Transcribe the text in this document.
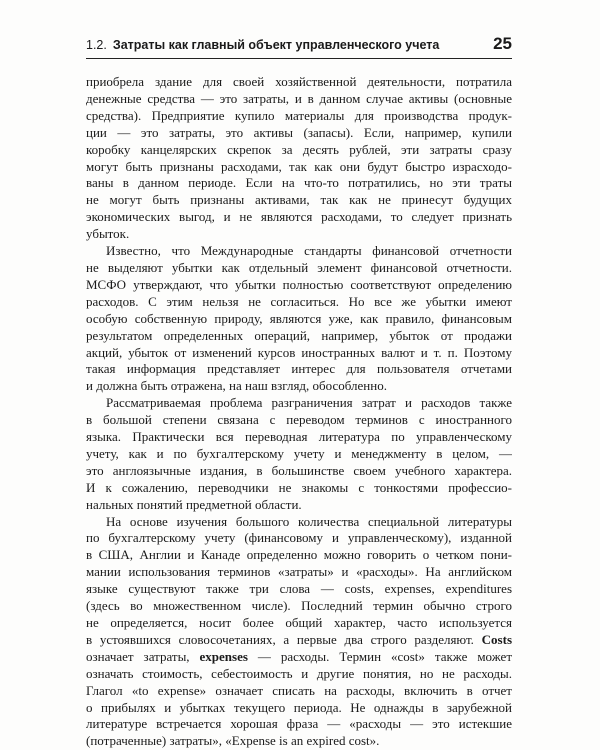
1.2. Затраты как главный объект управленческого учета	25

приобрела здание для своей хозяйственной деятельности, потратила
денежные средства — это затраты, и в данном случае активы (основные
средства). Предприятие купило материалы для производства продук-
ции — это затраты, это активы (запасы). Если, например, купили
коробку канцелярских скрепок за десять рублей, эти затраты сразу
могут быть признаны расходами, так как они будут быстро израсходо-
ваны в данном периоде. Если на что-то потратились, но эти траты
не могут быть признаны активами, так как не принесут будущих
экономических выгод, и не являются расходами, то следует признать
убыток.

Известно, что Международные стандарты финансовой отчетности
не выделяют убытки как отдельный элемент финансовой отчетности.
МСФО утверждают, что убытки полностью соответствуют определению
расходов. С этим нельзя не согласиться. Но все же убытки имеют
особую собственную природу, являются уже, как правило, финансовым
результатом определенных операций, например, убыток от продажи
акций, убыток от изменений курсов иностранных валют и т. п. Поэтому
такая информация представляет интерес для пользователя отчетами
и должна быть отражена, на наш взгляд, обособленно.

Рассматриваемая проблема разграничения затрат и расходов также
в большой степени связана с переводом терминов с иностранного
языка. Практически вся переводная литература по управленческому
учету, как и по бухгалтерскому учету и менеджменту в целом, —
это англоязычные издания, в большинстве своем учебного характера.
И к сожалению, переводчики не знакомы с тонкостями профессио-
нальных понятий предметной области.

На основе изучения большого количества специальной литературы
по бухгалтерскому учету (финансовому и управленческому), изданной
в США, Англии и Канаде определенно можно говорить о четком пони-
мании использования терминов «затраты» и «расходы». На английском
языке существуют также три слова — costs, expenses, expenditures
(здесь во множественном числе). Последний термин обычно строго
не определяется, носит более общий характер, часто используется
в устоявшихся словосочетаниях, а первые два строго разделяют. Costs
означает затраты, expenses — расходы. Термин «cost» также может
означать стоимость, себестоимость и другие понятия, но не расходы.
Глагол «to expense» означает списать на расходы, включить в отчет
о прибылях и убытках текущего периода. Не однажды в зарубежной
литературе встречается хорошая фраза — «расходы — это истекшие
(потраченные) затраты», «Expense is an expired cost».
